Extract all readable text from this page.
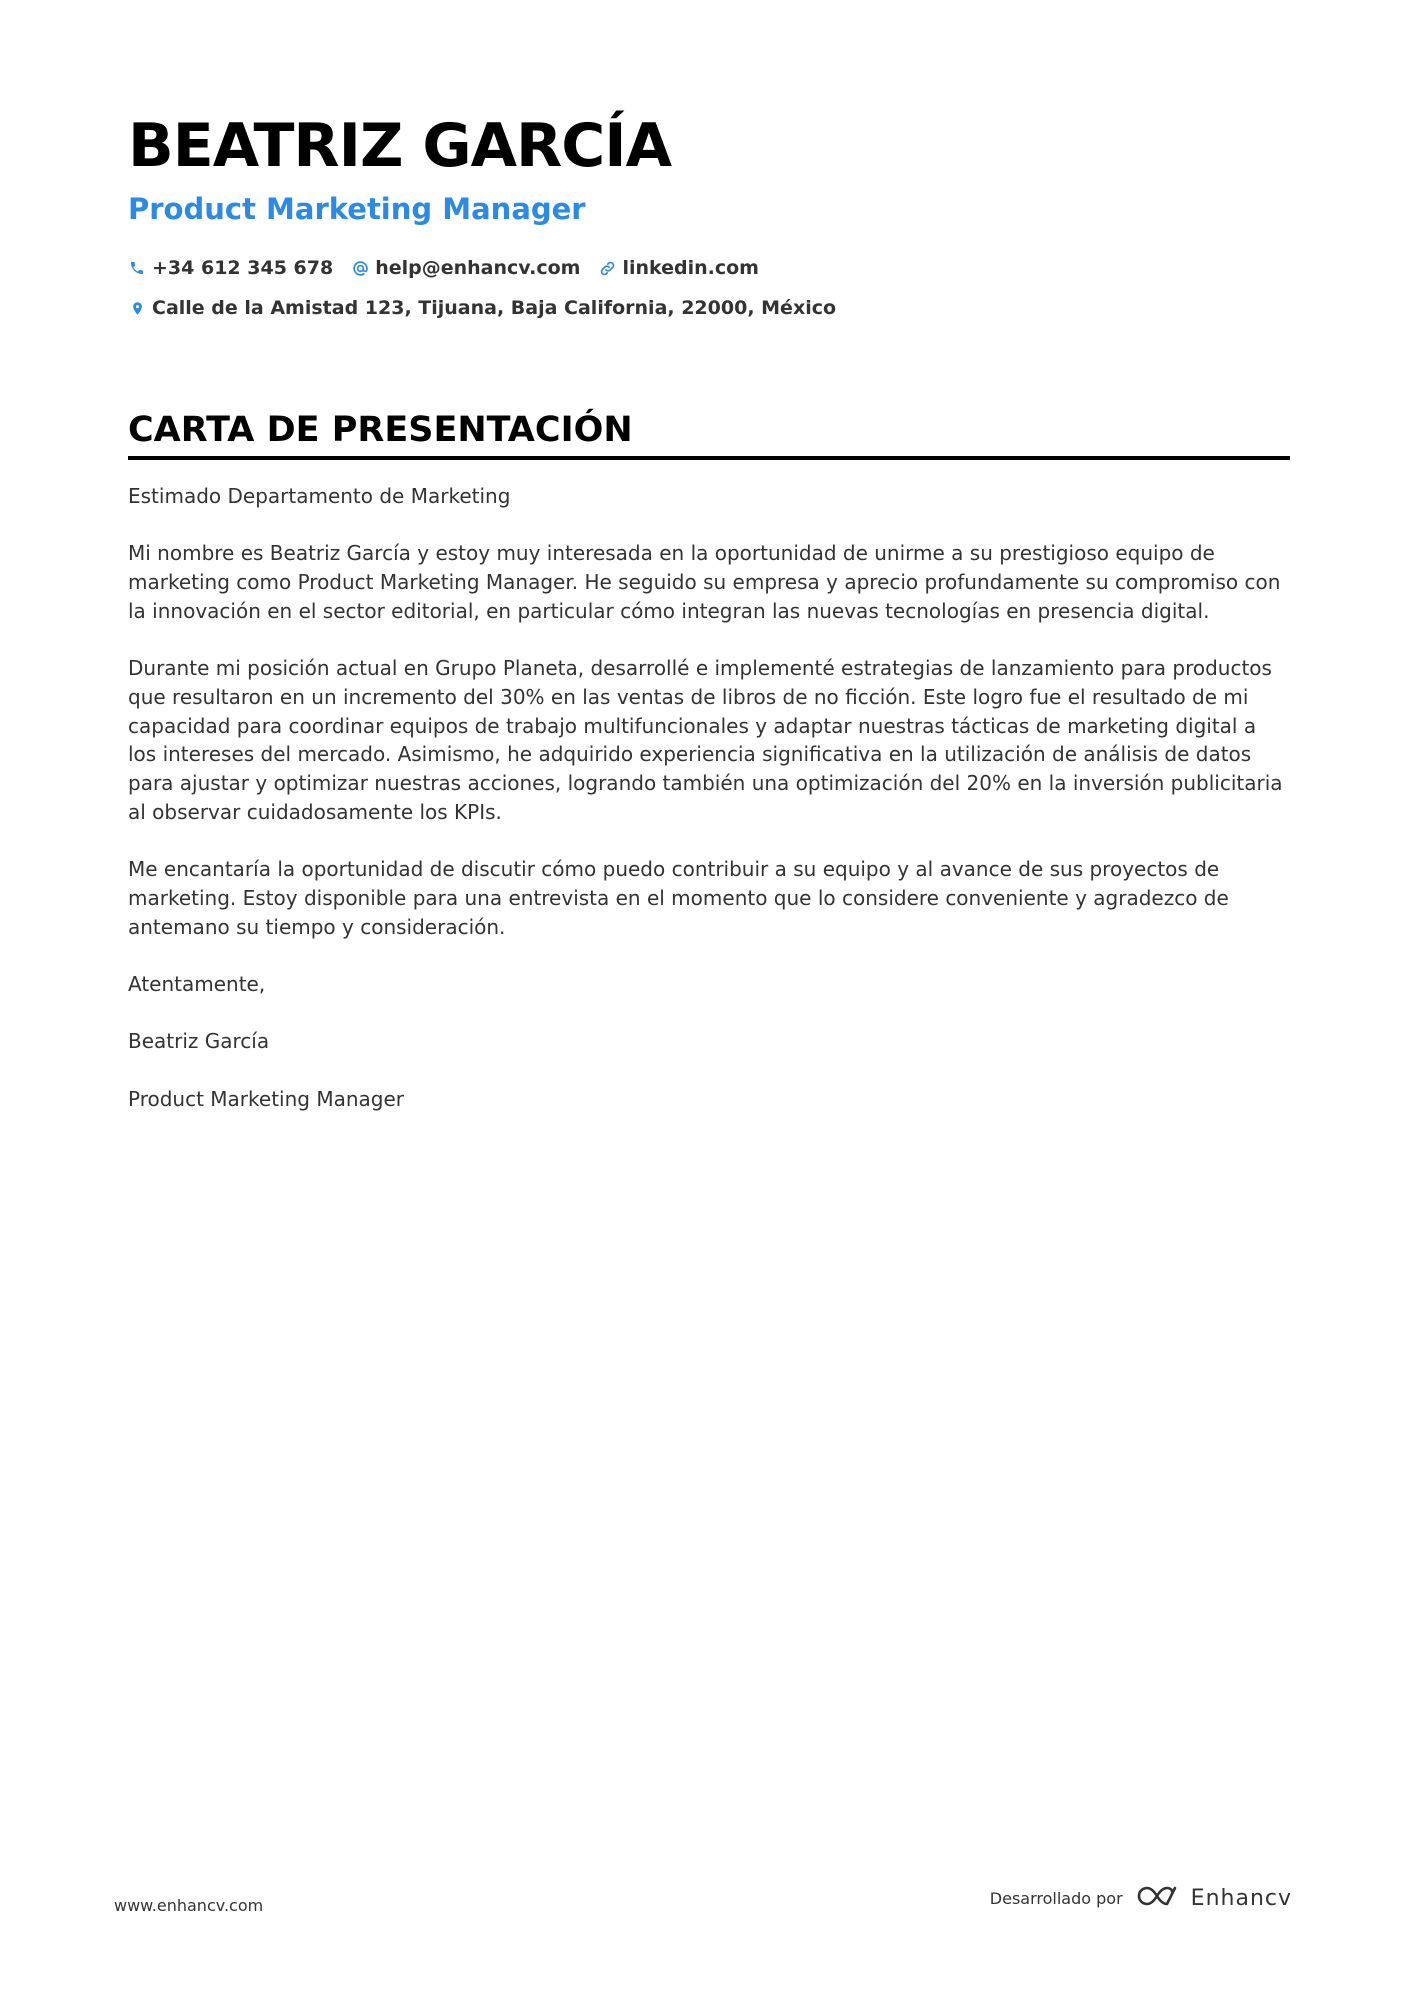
BEATRIZ GARCÍA
Product Marketing Manager
+34 612 345 678 help@enhancv.com linkedin.com
Calle de la Amistad 123, Tijuana, Baja California, 22000, México
CARTA DE PRESENTACIÓN

Estimado Departamento de Marketing

Mi nombre es Beatriz García y estoy muy interesada en la oportunidad de unirme a su prestigioso equipo de marketing como Product Marketing Manager. He seguido su empresa y aprecio profundamente su compromiso con la innovación en el sector editorial, en particular cómo integran las nuevas tecnologías en presencia digital.

Durante mi posición actual en Grupo Planeta, desarrollé e implementé estrategias de lanzamiento para productos que resultaron en un incremento del 30% en las ventas de libros de no ficción. Este logro fue el resultado de mi capacidad para coordinar equipos de trabajo multifuncionales y adaptar nuestras tácticas de marketing digital a los intereses del mercado. Asimismo, he adquirido experiencia significativa en la utilización de análisis de datos para ajustar y optimizar nuestras acciones, logrando también una optimización del 20% en la inversión publicitaria al observar cuidadosamente los KPIs.

Me encantaría la oportunidad de discutir cómo puedo contribuir a su equipo y al avance de sus proyectos de marketing. Estoy disponible para una entrevista en el momento que lo considere conveniente y agradezco de antemano su tiempo y consideración.

Atentamente,

Beatriz García

Product Marketing Manager

www.enhancv.com	Desarrollado por	Enhancv
